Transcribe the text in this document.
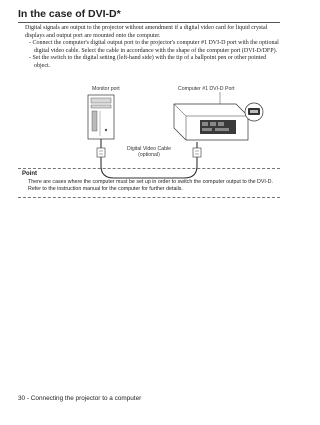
In the case of DVI-D*

Digital signals are output to the projector without amendment if a digital video card for liquid crystal displays and output port are mounted onto the computer.

- Connect the computer's digital output port to the projector's computer #1 DVI-D port with the optional digital video cable. Select the cable in accordance with the shape of the computer port (DVI-D/DFP).

- Set the switch to the digital setting (left-hand side) with the tip of a ballpoint pen or other pointed object.

Monitor port	Computer #1 DVI-D Port
Digital Video Cable
(optional)
Point
There are cases where the computer must be set up in order to switch the computer output to the DVI-D. Refer to the instruction manual for the computer for further details.
30 - Connecting the projector to a computer
